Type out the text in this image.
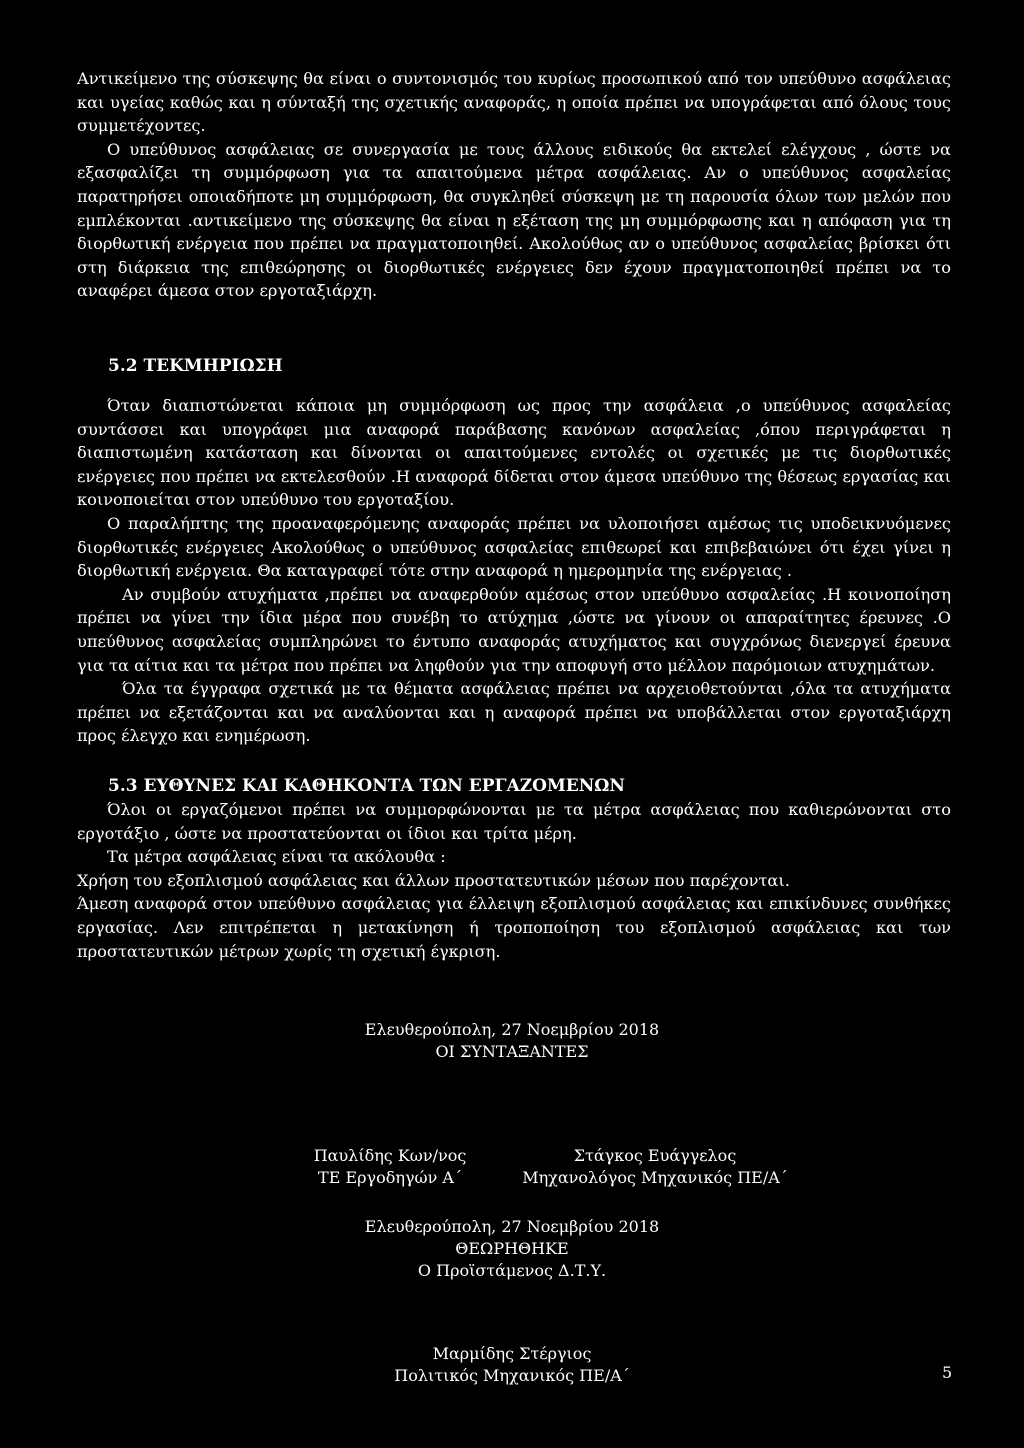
Αντικείμενο της σύσκεψης θα είναι ο συντονισμός του κυρίως προσωπικού από τον υπεύθυνο ασφάλειας και υγείας καθώς και η σύνταξή της σχετικής αναφοράς, η οποία πρέπει να υπογράφεται από όλους τους συμμετέχοντες.

Ο υπεύθυνος ασφάλειας σε συνεργασία με τους άλλους ειδικούς θα εκτελεί ελέγχους , ώστε να εξασφαλίζει τη συμμόρφωση για τα απαιτούμενα μέτρα ασφάλειας. Αν ο υπεύθυνος ασφαλείας παρατηρήσει οποιαδήποτε μη συμμόρφωση, θα συγκληθεί σύσκεψη με τη παρουσία όλων των μελών που εμπλέκονται .αντικείμενο της σύσκεψης θα είναι η εξέταση της μη συμμόρφωσης και η απόφαση για τη διορθωτική ενέργεια που πρέπει να πραγματοποιηθεί. Ακολούθως αν ο υπεύθυνος ασφαλείας βρίσκει ότι στη διάρκεια της επιθεώρησης οι διορθωτικές ενέργειες δεν έχουν πραγματοποιηθεί πρέπει να το αναφέρει άμεσα στον εργοταξιάρχη.

5.2 ΤΕΚΜΗΡΙΩΣΗ

Όταν διαπιστώνεται κάποια μη συμμόρφωση ως προς την ασφάλεια ,ο υπεύθυνος ασφαλείας συντάσσει και υπογράφει μια αναφορά παράβασης κανόνων ασφαλείας ,όπου περιγράφεται η διαπιστωμένη κατάσταση και δίνονται οι απαιτούμενες εντολές οι σχετικές με τις διορθωτικές ενέργειες που πρέπει να εκτελεσθούν .Η αναφορά δίδεται στον άμεσα υπεύθυνο της θέσεως εργασίας και κοινοποιείται στον υπεύθυνο του εργοταξίου.

Ο παραλήπτης της προαναφερόμενης αναφοράς πρέπει να υλοποιήσει αμέσως τις υποδεικνυόμενες διορθωτικές ενέργειες Ακολούθως ο υπεύθυνος ασφαλείας επιθεωρεί και επιβεβαιώνει ότι έχει γίνει η διορθωτική ενέργεια. Θα καταγραφεί τότε στην αναφορά η ημερομηνία της ενέργειας .

Αν συμβούν ατυχήματα ,πρέπει να αναφερθούν αμέσως στον υπεύθυνο ασφαλείας .Η κοινοποίηση πρέπει να γίνει την ίδια μέρα που συνέβη το ατύχημα ,ώστε να γίνουν οι απαραίτητες έρευνες .Ο υπεύθυνος ασφαλείας συμπληρώνει το έντυπο αναφοράς ατυχήματος και συγχρόνως διενεργεί έρευνα για τα αίτια και τα μέτρα που πρέπει να ληφθούν για την αποφυγή στο μέλλον παρόμοιων ατυχημάτων.

Όλα τα έγγραφα σχετικά με τα θέματα ασφάλειας πρέπει να αρχειοθετούνται ,όλα τα ατυχήματα πρέπει να εξετάζονται και να αναλύονται και η αναφορά πρέπει να υποβάλλεται στον εργοταξιάρχη προς έλεγχο και ενημέρωση.

5.3 ΕΥΘΥΝΕΣ ΚΑΙ ΚΑΘΗΚΟΝΤΑ ΤΩΝ ΕΡΓΑΖΟΜΕΝΩΝ

Όλοι οι εργαζόμενοι πρέπει να συμμορφώνονται με τα μέτρα ασφάλειας που καθιερώνονται στο εργοτάξιο , ώστε να προστατεύονται οι ίδιοι και τρίτα μέρη.

Τα μέτρα ασφάλειας είναι τα ακόλουθα :

Χρήση του εξοπλισμού ασφάλειας και άλλων προστατευτικών μέσων που παρέχονται.

Άμεση αναφορά στον υπεύθυνο ασφάλειας για έλλειψη εξοπλισμού ασφάλειας και επικίνδυνες συνθήκες εργασίας. Λεν επιτρέπεται η μετακίνηση ή τροποποίηση του εξοπλισμού ασφάλειας και των προστατευτικών μέτρων χωρίς τη σχετική έγκριση.

Ελευθερούπολη, 27 Νοεμβρίου 2018
ΟΙ ΣΥΝΤΑΞΑΝΤΕΣ
Παυλίδης Κων/νος
ΤΕ Εργοδηγών Α΄
Στάγκος Ευάγγελος
Μηχανολόγος Μηχανικός ΠΕ/Α΄
Ελευθερούπολη, 27 Νοεμβρίου 2018
ΘΕΩΡΗΘΗΚΕ
Ο Προϊστάμενος Δ.Τ.Υ.
Μαρμίδης Στέργιος
Πολιτικός Μηχανικός ΠΕ/Α΄	5
